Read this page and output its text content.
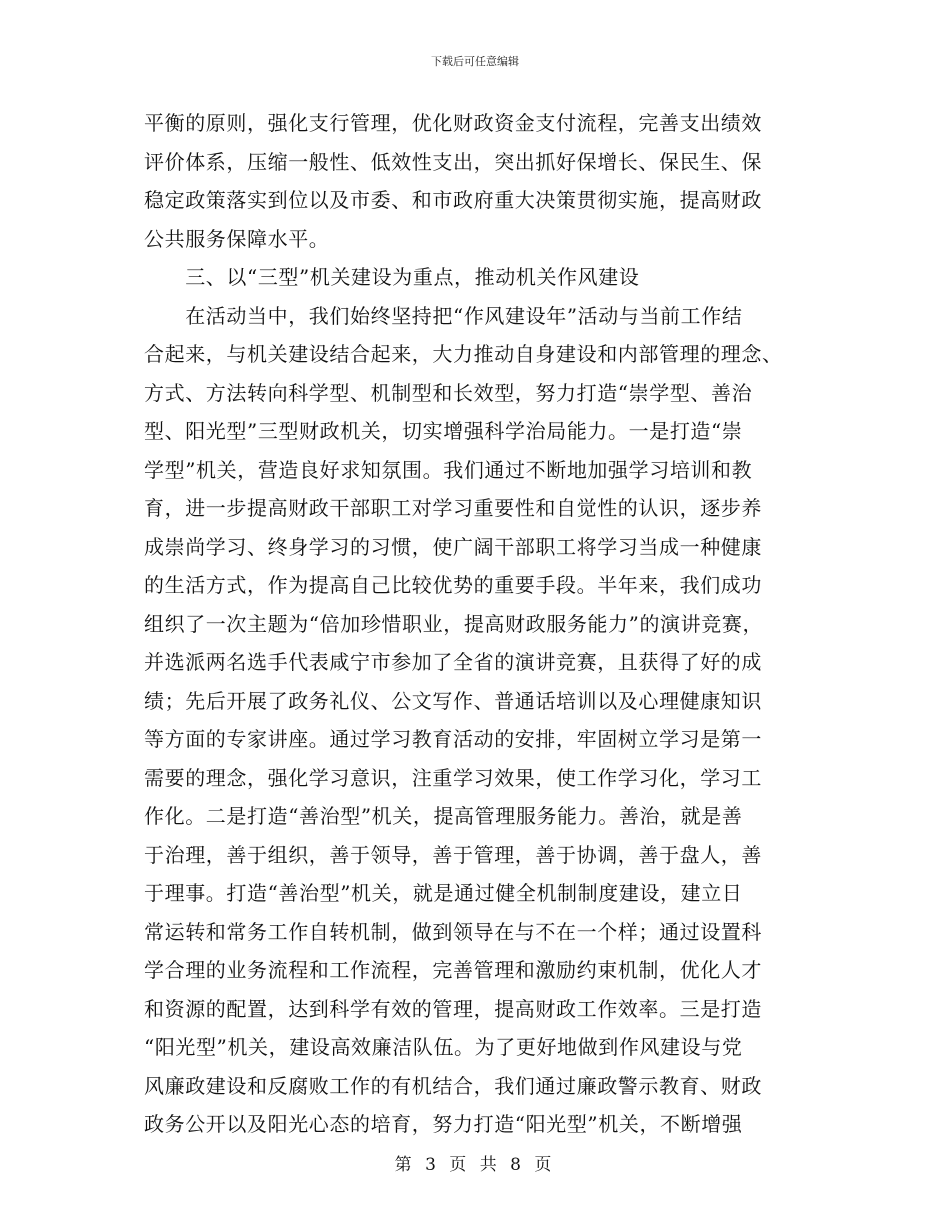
下载后可任意编辑
平衡的原则，强化支行管理，优化财政资金支付流程，完善支出绩效
评价体系，压缩一般性、低效性支出，突出抓好保增长、保民生、保
稳定政策落实到位以及市委、和市政府重大决策贯彻实施，提高财政
公共服务保障水平。
　　三、以“三型”机关建设为重点，推动机关作风建设
　　在活动当中，我们始终坚持把“作风建设年”活动与当前工作结
合起来，与机关建设结合起来，大力推动自身建设和内部管理的理念、
方式、方法转向科学型、机制型和长效型，努力打造“崇学型、善治
型、阳光型”三型财政机关，切实增强科学治局能力。一是打造“崇
学型”机关，营造良好求知氛围。我们通过不断地加强学习培训和教
育，进一步提高财政干部职工对学习重要性和自觉性的认识，逐步养
成崇尚学习、终身学习的习惯，使广阔干部职工将学习当成一种健康
的生活方式，作为提高自己比较优势的重要手段。半年来，我们成功
组织了一次主题为“倍加珍惜职业，提高财政服务能力”的演讲竞赛，
并选派两名选手代表咸宁市参加了全省的演讲竞赛，且获得了好的成
绩；先后开展了政务礼仪、公文写作、普通话培训以及心理健康知识
等方面的专家讲座。通过学习教育活动的安排，牢固树立学习是第一
需要的理念，强化学习意识，注重学习效果，使工作学习化，学习工
作化。二是打造“善治型”机关，提高管理服务能力。善治，就是善
于治理，善于组织，善于领导，善于管理，善于协调，善于盘人，善
于理事。打造“善治型”机关，就是通过健全机制制度建设，建立日
常运转和常务工作自转机制，做到领导在与不在一个样；通过设置科
学合理的业务流程和工作流程，完善管理和激励约束机制，优化人才
和资源的配置，达到科学有效的管理，提高财政工作效率。三是打造
“阳光型”机关，建设高效廉洁队伍。为了更好地做到作风建设与党
风廉政建设和反腐败工作的有机结合，我们通过廉政警示教育、财政
政务公开以及阳光心态的培育，努力打造“阳光型”机关，不断增强
第 3 页 共 8 页
